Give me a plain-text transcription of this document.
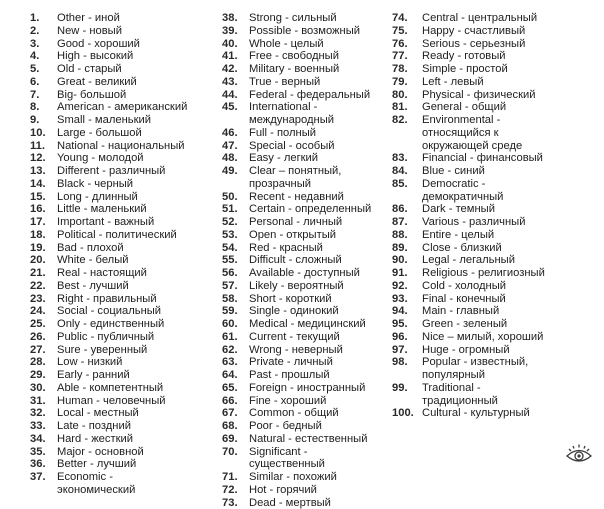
1.	Other - иной
2.	New - новый
3.	Good - хороший
4.	High - высокий
5.	Old - старый
6.	Great - великий
7.	Big- большой
8.	American - американский
9.	Small - маленький
10.	Large - большой
11.	National - национальный
12.	Young - молодой
13.	Different - различный
14.	Black - черный
15.	Long - длинный
16.	Little - маленький
17.	Important - важный
18.	Political - политический
19.	Bad - плохой
20.	White - белый
21.	Real - настоящий
22.	Best - лучший
23.	Right - правильный
24.	Social - социальный
25.	Only - единственный
26.	Public - публичный
27.	Sure - уверенный
28.	Low - низкий
29.	Early - ранний
30.	Able - компетентный
31.	Human - человечный
32.	Local - местный
33.	Late - поздний
34.	Hard - жесткий
35.	Major - основной
36.	Better - лучший
37.	Economic -
экономический
38.	Strong - сильный
39.	Possible - возможный
40.	Whole - целый
41.	Free - свободный
42.	Military - военный
43.	True - верный
44.	Federal - федеральный
45.	International -
международный
46.	Full - полный
47.	Special - особый
48.	Easy - легкий
49.	Clear – понятный,
прозрачный
50.	Recent - недавний
51.	Certain - определенный
52.	Personal - личный
53.	Open - открытый
54.	Red - красный
55.	Difficult - сложный
56.	Available - доступный
57.	Likely - вероятный
58.	Short - короткий
59.	Single - одинокий
60.	Medical - медицинский
61.	Current - текущий
62.	Wrong - неверный
63.	Private - личный
64.	Past - прошлый
65.	Foreign - иностранный
66.	Fine - хороший
67.	Common - общий
68.	Poor - бедный
69.	Natural - естественный
70.	Significant -
существенный
71.	Similar - похожий
72.	Hot - горячий
73.	Dead - мертвый
74.	Central - центральный
75.	Happy - счастливый
76.	Serious - серьезный
77.	Ready - готовый
78.	Simple - простой
79.	Left - левый
80.	Physical - физический
81.	General - общий
82.	Environmental -
относящийся к
окружающей среде
83.	Financial - финансовый
84.	Blue - синий
85.	Democratic -
демократичный
86.	Dark - темный
87.	Various - различный
88.	Entire - целый
89.	Close - близкий
90.	Legal - легальный
91.	Religious - религиозный
92.	Cold - холодный
93.	Final - конечный
94.	Main - главный
95.	Green - зеленый
96.	Nice – милый, хороший
97.	Huge - огромный
98.	Popular - известный,
популярный
99.	Traditional -
традиционный
100. Cultural - культурный
